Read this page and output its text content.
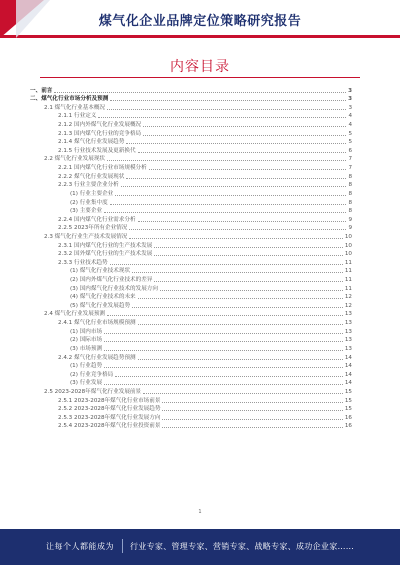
煤气化企业品牌定位策略研究报告
内容目录
一、前言	3
二、煤气化行业市场分析及预测	3
2.1 煤气化行业基本概况	3
2.1.1 行业定义	4
2.1.2 国内外煤气化行业发展概况	4
2.1.3 国内煤气化行业的竞争格局	5
2.1.4 煤气化行业发展趋势	5
2.1.5 行业技术发展及更新换代	6
2.2 煤气化行业发展现状	7
2.2.1 国内煤气化行业市场规模分析	7
2.2.2 煤气化行业发展现状	8
2.2.3 行业主要企业分析	8
(1) 行业主要企业	8
(2) 行业集中度	8
(3) 主要企业	8
2.2.4 国内煤气化行业需求分析	9
2.2.5 2023年所有企业情况	9
2.3 煤气化行业生产技术发展情况	10
2.3.1 国内煤气化行业的生产技术发展	10
2.3.2 国外煤气化行业的生产技术发展	10
2.3.3 行业技术趋势	11
(1) 煤气化行业技术现状	11
(2) 国内外煤气化行业技术的差异	11
(3) 国内煤气化行业技术的发展方向	11
(4) 煤气化行业技术的未来	12
(5) 煤气化行业发展趋势	12
2.4 煤气化行业发展预测	13
2.4.1 煤气化行业市场规模预测	13
(1) 国内市场	13
(2) 国际市场	13
(3) 市场预测	13
2.4.2 煤气化行业发展趋势预测	14
(1) 行业趋势	14
(2) 行业竞争格局	14
(3) 行业发展	14
2.5 2023-2028年煤气化行业发展前景	15
2.5.1 2023-2028年煤气化行业市场前景	15
2.5.2 2023-2028年煤气化行业发展趋势	15
2.5.3 2023-2028年煤气化行业发展方向	16
2.5.4 2023-2028年煤气化行业投资前景	16
1
让每个人都能成为 行业专家、管理专家、营销专家、战略专家、成功企业家……
